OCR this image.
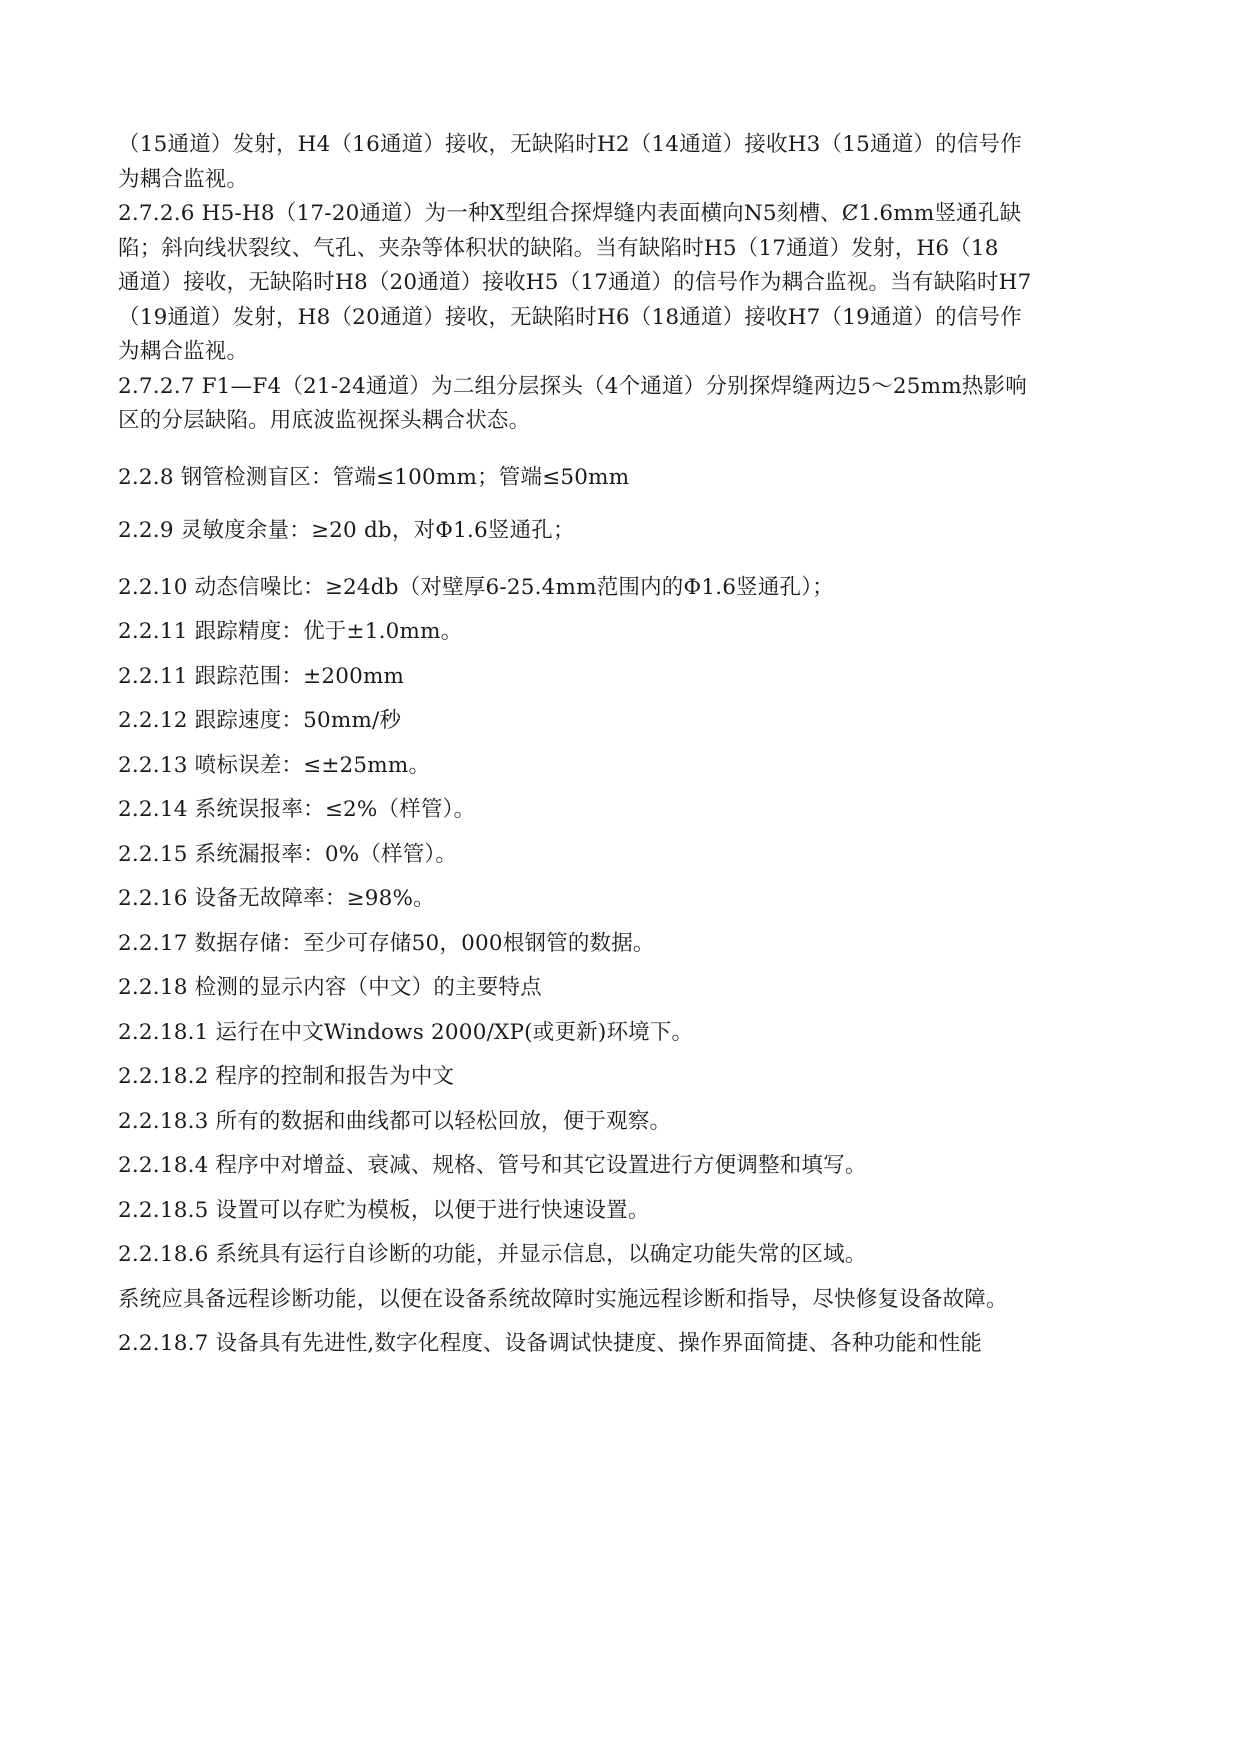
（15通道）发射，H4（16通道）接收，无缺陷时H2（14通道）接收H3（15通道）的信号作
为耦合监视。

2.7.2.6 H5-H8（17-20通道）为一种X型组合探焊缝内表面横向N5刻槽、Ȼ1.6mm竖通孔缺
陷；斜向线状裂纹、气孔、夹杂等体积状的缺陷。当有缺陷时H5（17通道）发射，H6（18
通道）接收，无缺陷时H8（20通道）接收H5（17通道）的信号作为耦合监视。当有缺陷时H7
（19通道）发射，H8（20通道）接收，无缺陷时H6（18通道）接收H7（19通道）的信号作
为耦合监视。

2.7.2.7 F1—F4（21-24通道）为二组分层探头（4个通道）分别探焊缝两边5～25mm热影响
区的分层缺陷。用底波监视探头耦合状态。

2.2.8 钢管检测盲区：管端≤100mm；管端≤50mm

2.2.9 灵敏度余量：≥20 db，对Φ1.6竖通孔；

2.2.10 动态信噪比：≥24db（对壁厚6-25.4mm范围内的Φ1.6竖通孔）；

2.2.11 跟踪精度：优于±1.0mm。

2.2.11 跟踪范围：±200mm

2.2.12 跟踪速度：50mm/秒

2.2.13 喷标误差：≤±25mm。

2.2.14 系统误报率：≤2%（样管）。

2.2.15 系统漏报率：0%（样管）。

2.2.16 设备无故障率：≥98%。

2.2.17 数据存储：至少可存储50，000根钢管的数据。

2.2.18 检测的显示内容（中文）的主要特点

2.2.18.1 运行在中文Windows 2000/XP(或更新)环境下。

2.2.18.2 程序的控制和报告为中文

2.2.18.3 所有的数据和曲线都可以轻松回放，便于观察。

2.2.18.4 程序中对增益、衰减、规格、管号和其它设置进行方便调整和填写。

2.2.18.5 设置可以存贮为模板，以便于进行快速设置。

2.2.18.6 系统具有运行自诊断的功能，并显示信息，以确定功能失常的区域。

系统应具备远程诊断功能，以便在设备系统故障时实施远程诊断和指导，尽快修复设备故障。

2.2.18.7 设备具有先进性,数字化程度、设备调试快捷度、操作界面简捷、各种功能和性能
